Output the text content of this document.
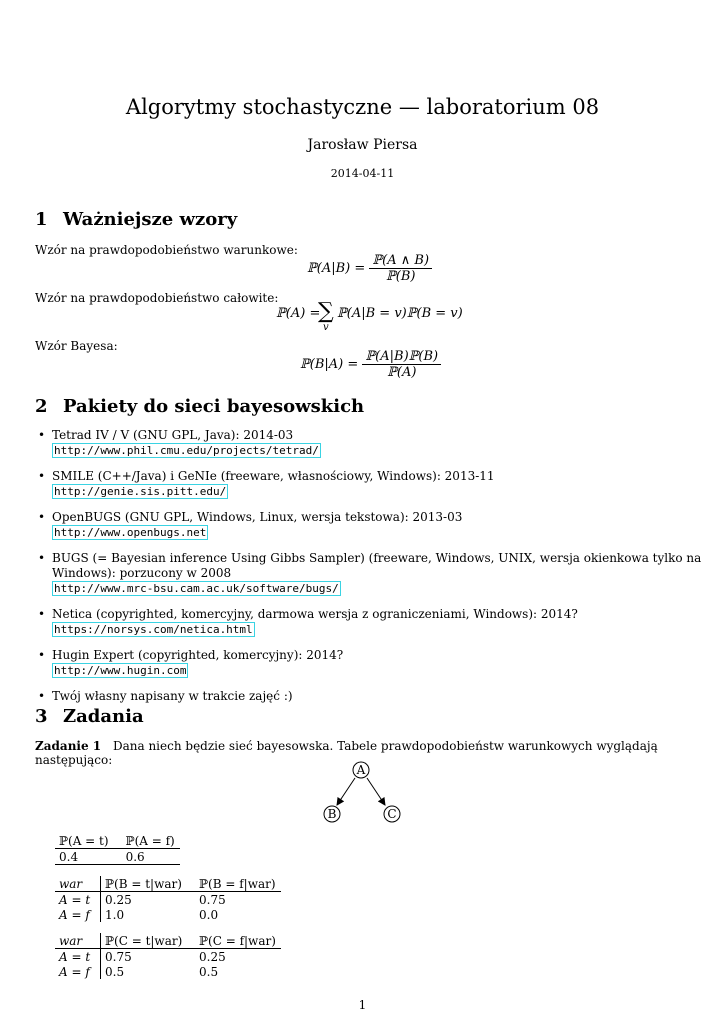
Algorytmy stochastyczne — laboratorium 08
Jarosław Piersa
2014-04-11
1 Ważniejsze wzory
Wzór na prawdopodobieństwo warunkowe:
ℙ(A|B) = $\frac{\text{ℙ(A ∧ B)}}{\text{ℙ(B)}}$
Wzór na prawdopodobieństwo całowite:
ℙ(A) =
∑
v
ℙ(A|B = v)ℙ(B = v)
Wzór Bayesa:
ℙ(B|A) = $\frac{\text{ℙ(A|B)ℙ(B)}}{\text{ℙ(A)}}$
2 Pakiety do sieci bayesowskich
• Tetrad IV / V (GNU GPL, Java): 2014-03
http://www.phil.cmu.edu/projects/tetrad/
• SMILE (C++/Java) i GeNIe (freeware, własnościowy, Windows): 2013-11
http://genie.sis.pitt.edu/
• OpenBUGS (GNU GPL, Windows, Linux, wersja tekstowa): 2013-03
http://www.openbugs.net
• BUGS (= Bayesian inference Using Gibbs Sampler) (freeware, Windows, UNIX, wersja okienkowa tylko na Windows): porzucony w 2008
http://www.mrc-bsu.cam.ac.uk/software/bugs/
• Netica (copyrighted, komercyjny, darmowa wersja z ograniczeniami, Windows): 2014?
https://norsys.com/netica.html
• Hugin Expert (copyrighted, komercyjny): 2014?
http://www.hugin.com
• Twój własny napisany w trakcie zajęć :)
3 Zadania
Zadanie 1 Dana niech będzie sieć bayesowska. Tabele prawdopodobieństw warunkowych wyglądają następująco:
A
B	C
ℙ(A = t)	ℙ(A = f)
0.4	0.6
war	ℙ(B = t|war)	ℙ(B = f|war)
A = t	0.25	0.75
A = f	1.0	0.0
war	ℙ(C = t|war)	ℙ(C = f|war)
A = t	0.75	0.25
A = f	0.5	0.5
1
